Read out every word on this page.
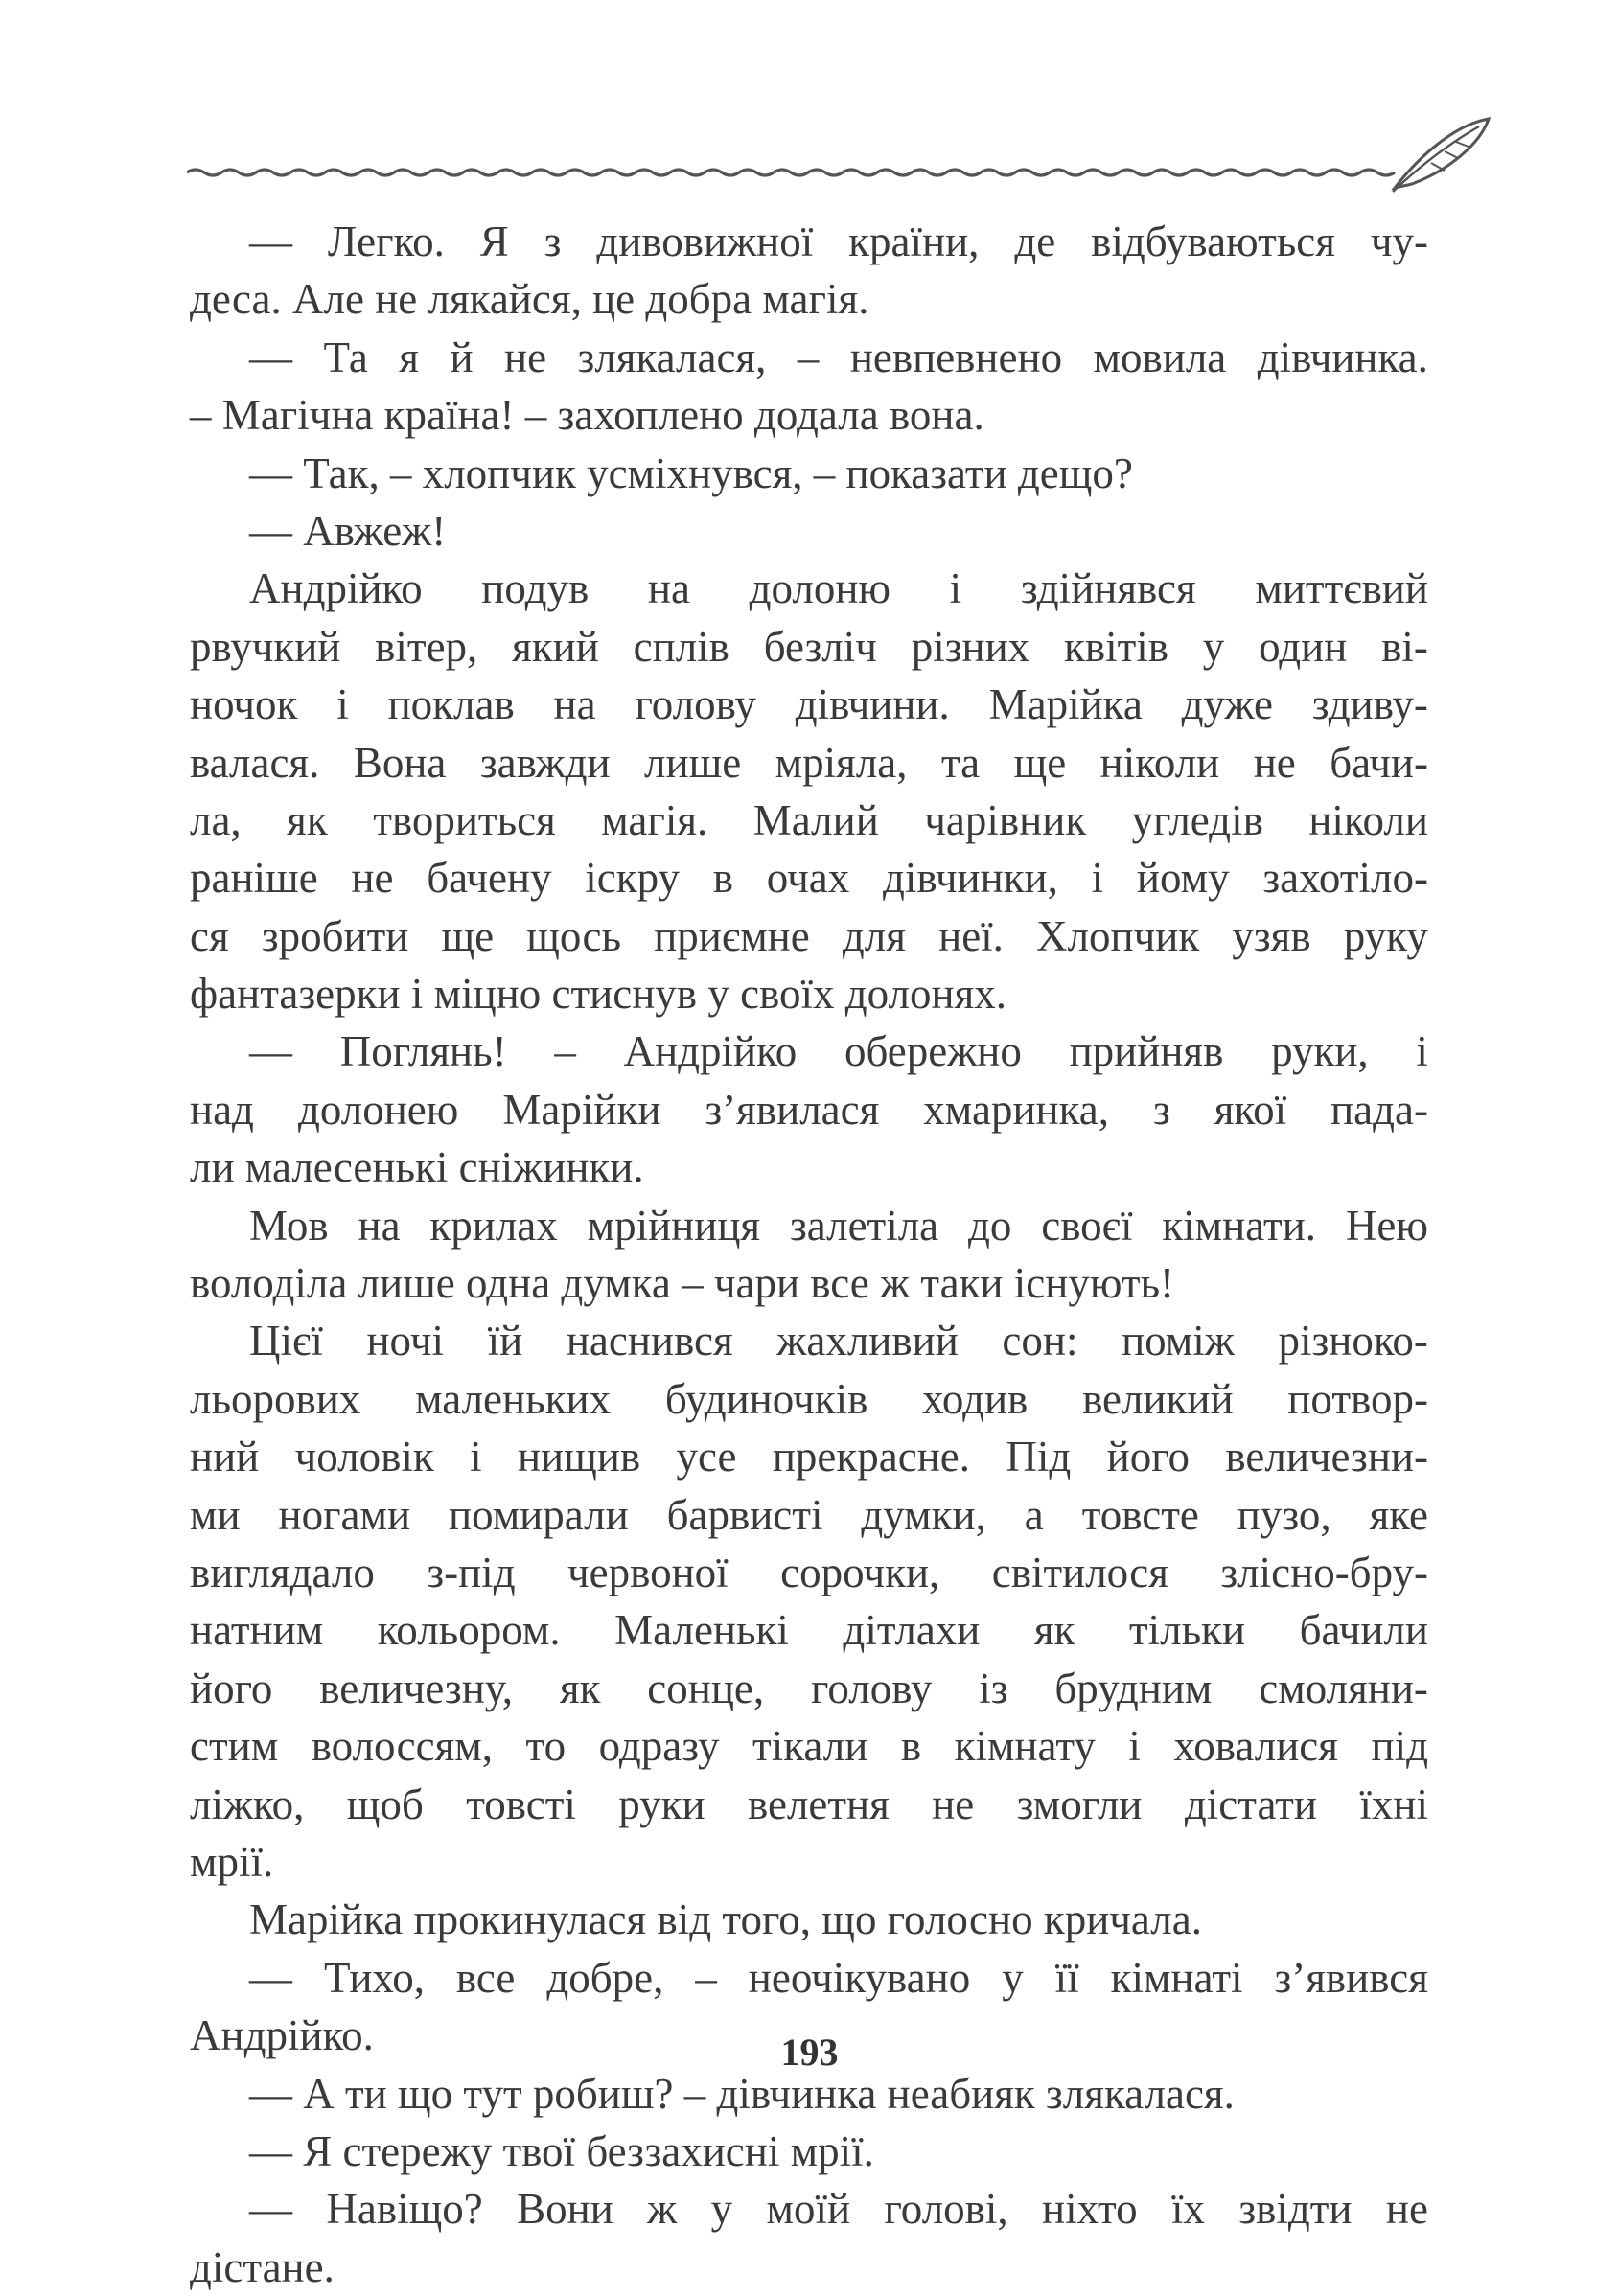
— Легко. Я з дивовижної країни, де відбуваються чу-
деса. Але не лякайся, це добра магія.
— Та я й не злякалася, – невпевнено мовила дівчинка.
– Магічна країна! – захоплено додала вона.
— Так, – хлопчик усміхнувся, – показати дещо?
— Авжеж!
Андрійко подув на долоню і здійнявся миттєвий
рвучкий вітер, який сплів безліч різних квітів у один ві-
ночок і поклав на голову дівчини. Марійка дуже здиву-
валася. Вона завжди лише мріяла, та ще ніколи не бачи-
ла, як твориться магія. Малий чарівник угледів ніколи
раніше не бачену іскру в очах дівчинки, і йому захотіло-
ся зробити ще щось приємне для неї. Хлопчик узяв руку
фантазерки і міцно стиснув у своїх долонях.
— Поглянь! – Андрійко обережно прийняв руки, і
над долонею Марійки з’явилася хмаринка, з якої пада-
ли малесенькі сніжинки.
Мов на крилах мрійниця залетіла до своєї кімнати. Нею
володіла лише одна думка – чари все ж таки існують!
Цієї ночі їй наснився жахливий сон: поміж різноко-
льорових маленьких будиночків ходив великий потвор-
ний чоловік і нищив усе прекрасне. Під його величезни-
ми ногами помирали барвисті думки, а товсте пузо, яке
виглядало з-під червоної сорочки, світилося злісно-бру-
натним кольором. Маленькі дітлахи як тільки бачили
його величезну, як сонце, голову із брудним смоляни-
стим волоссям, то одразу тікали в кімнату і ховалися під
ліжко, щоб товсті руки велетня не змогли дістати їхні
мрії.
Марійка прокинулася від того, що голосно кричала.
— Тихо, все добре, – неочікувано у її кімнаті з’явився
Андрійко.
— А ти що тут робиш? – дівчинка неабияк злякалася.
— Я стережу твої беззахисні мрії.
— Навіщо? Вони ж у моїй голові, ніхто їх звідти не
дістане.
193
